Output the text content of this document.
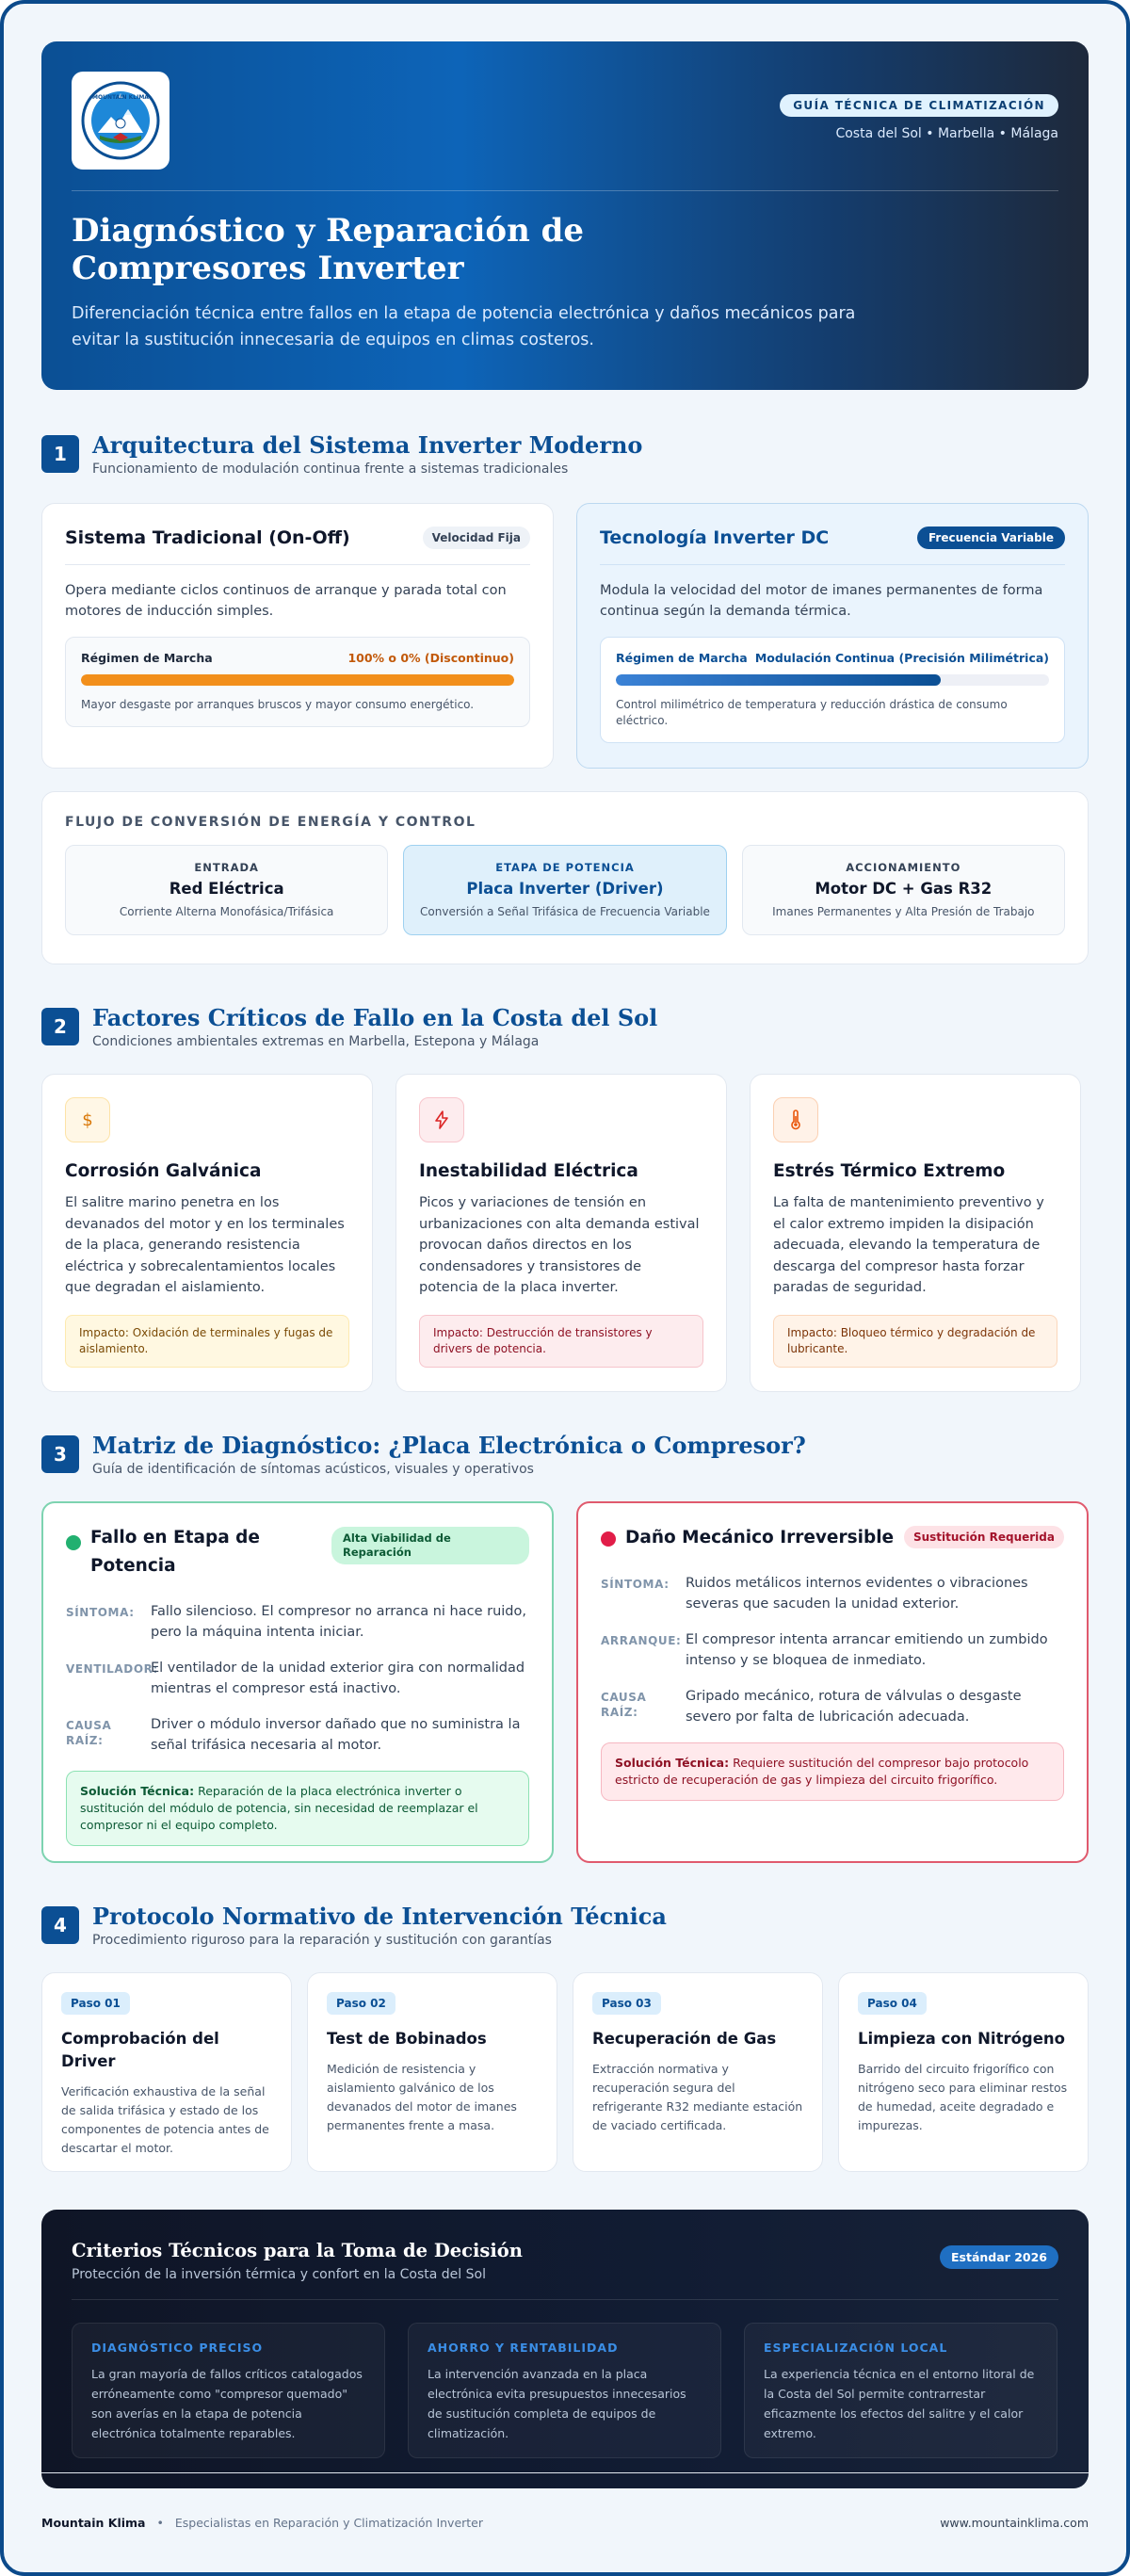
MOUNTAIN KLIMA
GUÍA TÉCNICA DE CLIMATIZACIÓN
Costa del Sol • Marbella • Málaga
Diagnóstico y Reparación de Compresores Inverter

Diferenciación técnica entre fallos en la etapa de potencia electrónica y daños mecánicos para evitar la sustitución innecesaria de equipos en climas costeros.

1	Arquitectura del Sistema Inverter Moderno

Funcionamiento de modulación continua frente a sistemas tradicionales

Sistema Tradicional (On-Off)	Velocidad Fija

Opera mediante ciclos continuos de arranque y parada total con motores de inducción simples.

Régimen de Marcha	100% o 0% (Discontinuo)

Mayor desgaste por arranques bruscos y mayor consumo energético.

Tecnología Inverter DC	Frecuencia Variable

Modula la velocidad del motor de imanes permanentes de forma continua según la demanda térmica.

Régimen de Marcha Modulación Continua (Precisión Milimétrica)

Control milimétrico de temperatura y reducción drástica de consumo eléctrico.

FLUJO DE CONVERSIÓN DE ENERGÍA Y CONTROL
ENTRADA
Red Eléctrica
Corriente Alterna Monofásica/Trifásica
ETAPA DE POTENCIA
Placa Inverter (Driver)
Conversión a Señal Trifásica de Frecuencia Variable
ACCIONAMIENTO
Motor DC + Gas R32
Imanes Permanentes y Alta Presión de Trabajo
2	Factores Críticos de Fallo en la Costa del Sol

Condiciones ambientales extremas en Marbella, Estepona y Málaga

$
Corrosión Galvánica

El salitre marino penetra en los devanados del motor y en los terminales de la placa, generando resistencia eléctrica y sobrecalentamientos locales que degradan el aislamiento.

Impacto: Oxidación de terminales y fugas de aislamiento.
Inestabilidad Eléctrica

Picos y variaciones de tensión en urbanizaciones con alta demanda estival provocan daños directos en los condensadores y transistores de potencia de la placa inverter.

Impacto: Destrucción de transistores y drivers de potencia.
Estrés Térmico Extremo

La falta de mantenimiento preventivo y el calor extremo impiden la disipación adecuada, elevando la temperatura de descarga del compresor hasta forzar paradas de seguridad.

Impacto: Bloqueo térmico y degradación de lubricante.
3	Matriz de Diagnóstico: ¿Placa Electrónica o Compresor?

Guía de identificación de síntomas acústicos, visuales y operativos

Fallo en Etapa de Potencia
Alta Viabilidad de Reparación
SÍNTOMA:	Fallo silencioso. El compresor no arranca ni hace ruido, pero la máquina intenta iniciar.
VENTILADOR:
El ventilador de la unidad exterior gira con normalidad mientras el compresor está inactivo.
CAUSA RAÍZ:
Driver o módulo inversor dañado que no suministra la señal trifásica necesaria al motor.
Solución Técnica: Reparación de la placa electrónica inverter o sustitución del módulo de potencia, sin necesidad de reemplazar el compresor ni el equipo completo.
Daño Mecánico Irreversible	Sustitución Requerida
SÍNTOMA:	Ruidos metálicos internos evidentes o vibraciones severas que sacuden la unidad exterior.
ARRANQUE: El compresor intenta arrancar emitiendo un zumbido intenso y se bloquea de inmediato.
CAUSA RAÍZ:
Gripado mecánico, rotura de válvulas o desgaste severo por falta de lubricación adecuada.
Solución Técnica: Requiere sustitución del compresor bajo protocolo estricto de recuperación de gas y limpieza del circuito frigorífico.
4	Protocolo Normativo de Intervención Técnica

Procedimiento riguroso para la reparación y sustitución con garantías

Paso 01
Comprobación del Driver

Verificación exhaustiva de la señal de salida trifásica y estado de los componentes de potencia antes de descartar el motor.

Paso 02
Test de Bobinados

Medición de resistencia y aislamiento galvánico de los devanados del motor de imanes permanentes frente a masa.

Paso 03
Recuperación de Gas

Extracción normativa y recuperación segura del refrigerante R32 mediante estación de vaciado certificada.

Paso 04
Limpieza con Nitrógeno

Barrido del circuito frigorífico con nitrógeno seco para eliminar restos de humedad, aceite degradado e impurezas.

Criterios Técnicos para la Toma de Decisión

Protección de la inversión térmica y confort en la Costa del Sol

Estándar 2026
DIAGNÓSTICO PRECISO

La gran mayoría de fallos críticos catalogados erróneamente como "compresor quemado" son averías en la etapa de potencia electrónica totalmente reparables.

AHORRO Y RENTABILIDAD

La intervención avanzada en la placa electrónica evita presupuestos innecesarios de sustitución completa de equipos de climatización.

ESPECIALIZACIÓN LOCAL

La experiencia técnica en el entorno litoral de la Costa del Sol permite contrarrestar eficazmente los efectos del salitre y el calor extremo.

Mountain Klima • Especialistas en Reparación y Climatización Inverter	www.mountainklima.com
